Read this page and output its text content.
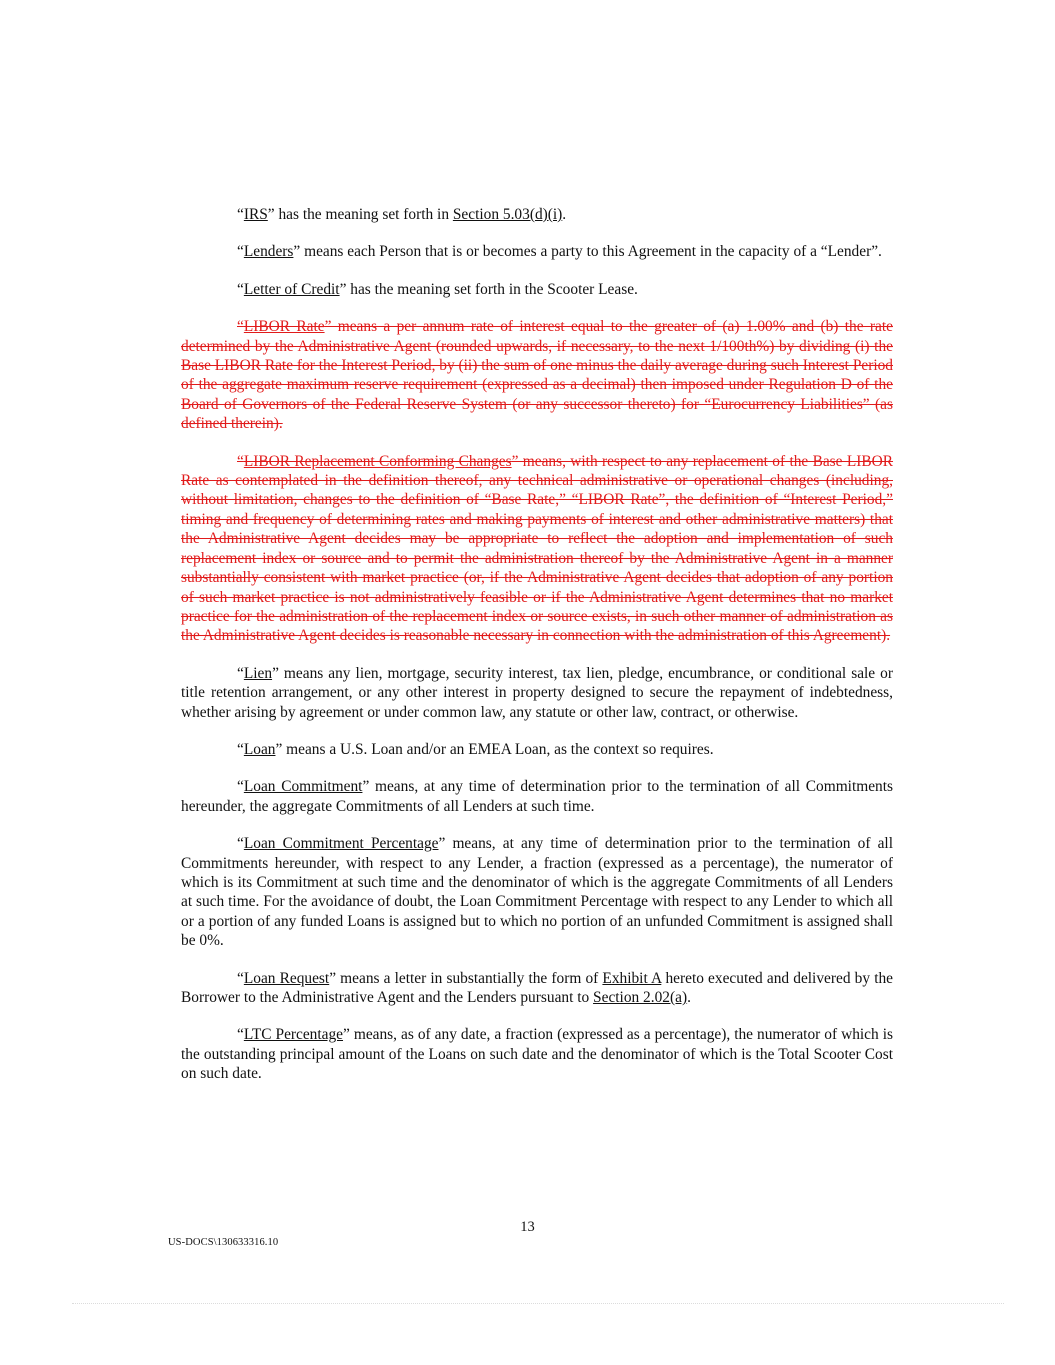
“IRS” has the meaning set forth in Section 5.03(d)(i).

“Lenders” means each Person that is or becomes a party to this Agreement in the capacity of a “Lender”.

“Letter of Credit” has the meaning set forth in the Scooter Lease.

“LIBOR Rate” means a per annum rate of interest equal to the greater of (a) 1.00% and (b) the rate determined by the Administrative Agent (rounded upwards, if necessary, to the next 1/100th%) by dividing (i) the Base LIBOR Rate for the Interest Period, by (ii) the sum of one minus the daily average during such Interest Period of the aggregate maximum reserve requirement (expressed as a decimal) then imposed under Regulation D of the Board of Governors of the Federal Reserve System (or any successor thereto) for “Eurocurrency Liabilities” (as defined therein).

“LIBOR Replacement Conforming Changes” means, with respect to any replacement of the Base LIBOR Rate as contemplated in the definition thereof, any technical administrative or operational changes (including, without limitation, changes to the definition of “Base Rate,” “LIBOR Rate”, the definition of “Interest Period,” timing and frequency of determining rates and making payments of interest and other administrative matters) that the Administrative Agent decides may be appropriate to reflect the adoption and implementation of such replacement index or source and to permit the administration thereof by the Administrative Agent in a manner substantially consistent with market practice (or, if the Administrative Agent decides that adoption of any portion of such market practice is not administratively feasible or if the Administrative Agent determines that no market practice for the administration of the replacement index or source exists, in such other manner of administration as the Administrative Agent decides is reasonable necessary in connection with the administration of this Agreement).

“Lien” means any lien, mortgage, security interest, tax lien, pledge, encumbrance, or conditional sale or title retention arrangement, or any other interest in property designed to secure the repayment of indebtedness, whether arising by agreement or under common law, any statute or other law, contract, or otherwise.

“Loan” means a U.S. Loan and/or an EMEA Loan, as the context so requires.

“Loan Commitment” means, at any time of determination prior to the termination of all Commitments hereunder, the aggregate Commitments of all Lenders at such time.

“Loan Commitment Percentage” means, at any time of determination prior to the termination of all Commitments hereunder, with respect to any Lender, a fraction (expressed as a percentage), the numerator of which is its Commitment at such time and the denominator of which is the aggregate Commitments of all Lenders at such time. For the avoidance of doubt, the Loan Commitment Percentage with respect to any Lender to which all or a portion of any funded Loans is assigned but to which no portion of an unfunded Commitment is assigned shall be 0%.

“Loan Request” means a letter in substantially the form of Exhibit A hereto executed and delivered by the Borrower to the Administrative Agent and the Lenders pursuant to Section 2.02(a).

“LTC Percentage” means, as of any date, a fraction (expressed as a percentage), the numerator of which is the outstanding principal amount of the Loans on such date and the denominator of which is the Total Scooter Cost on such date.

13
US-DOCS\130633316.10
